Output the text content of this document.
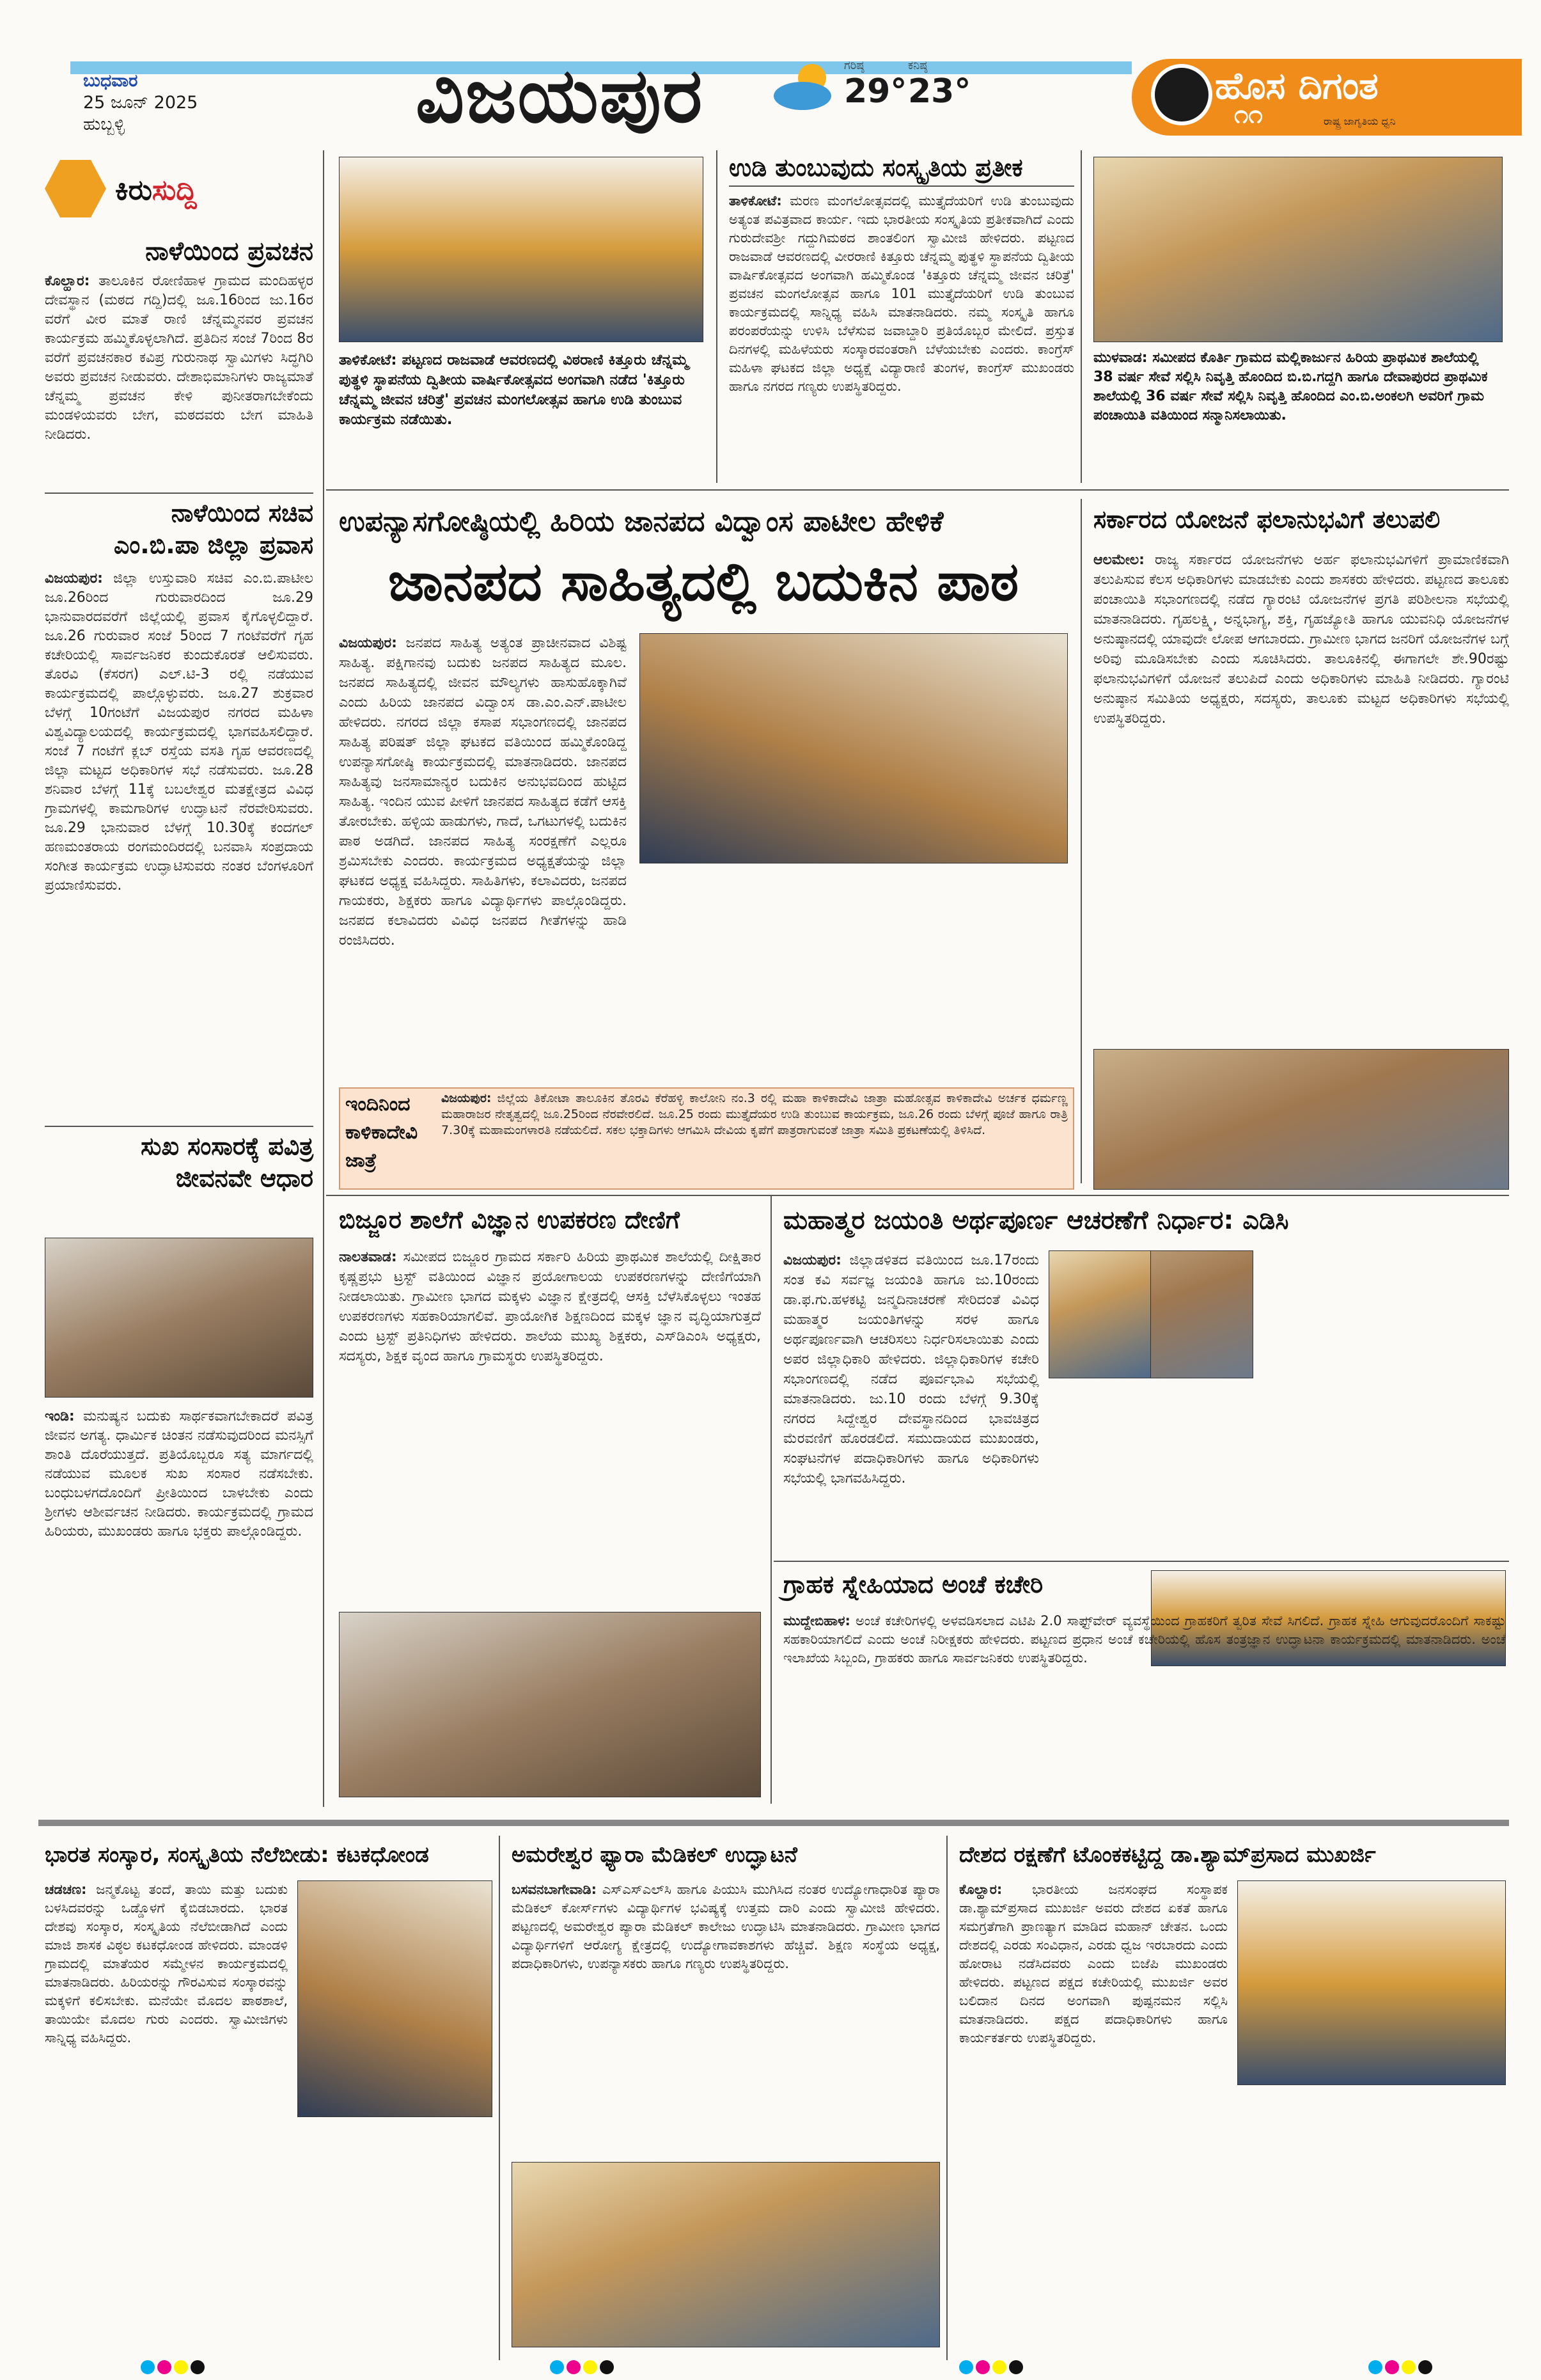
ಬುಧವಾರ
25 ಜೂನ್ 2025
ಹುಬ್ಬಳ್ಳಿ	ವಿಜಯಪುರ	ಗರಿಷ್ಠ
29°
ಕನಿಷ್ಠ
23°	ಹೊಸ ದಿಗಂತ
೧೧	ರಾಷ್ಟ್ರ ಜಾಗೃತಿಯ ಧ್ವನಿ
ಕಿರುಸುದ್ದಿ
ನಾಳೆಯಿಂದ ಪ್ರವಚನ
ಕೊಲ್ಹಾರ: ತಾಲೂಕಿನ ರೋಣಿಹಾಳ ಗ್ರಾಮದ ಮಂದಿಹಳ್ಳರ ದೇವಸ್ಥಾನ (ಮಠದ ಗದ್ದಿ)ದಲ್ಲಿ ಜೂ.16ರಿಂದ ಜು.16ರ ವರೆಗೆ ವೀರ ಮಾತೆ ರಾಣಿ ಚೆನ್ನಮ್ಮನವರ ಪ್ರವಚನ ಕಾರ್ಯಕ್ರಮ ಹಮ್ಮಿಕೊಳ್ಳಲಾಗಿದೆ. ಪ್ರತಿದಿನ ಸಂಜೆ 7ರಿಂದ 8ರ ವರೆಗೆ ಪ್ರವಚನಕಾರ ಕವಿಪ್ರ ಗುರುನಾಥ ಸ್ವಾಮಿಗಳು ಸಿದ್ಧಗಿರಿ ಅವರು ಪ್ರವಚನ ನೀಡುವರು. ದೇಶಾಭಿಮಾನಿಗಳು ರಾಜ್ಯಮಾತೆ ಚೆನ್ನಮ್ಮ ಪ್ರವಚನ ಕೇಳಿ ಪುನೀತರಾಗಬೇಕೆಂದು ಮಂಡಳಿಯವರು ಬೇಗ, ಮಠದವರು ಬೇಗ ಮಾಹಿತಿ ನೀಡಿದರು.
ನಾಳೆಯಿಂದ ಸಚಿವ
ಎಂ.ಬಿ.ಪಾ ಜಿಲ್ಲಾ ಪ್ರವಾಸ
ವಿಜಯಪುರ: ಜಿಲ್ಲಾ ಉಸ್ತುವಾರಿ ಸಚಿವ ಎಂ.ಬಿ.ಪಾಟೀಲ ಜೂ.26ರಿಂದ ಗುರುವಾರದಿಂದ ಜೂ.29 ಭಾನುವಾರದವರೆಗೆ ಜಿಲ್ಲೆಯಲ್ಲಿ ಪ್ರವಾಸ ಕೈಗೊಳ್ಳಲಿದ್ದಾರೆ. ಜೂ.26 ಗುರುವಾರ ಸಂಜೆ 5ರಿಂದ 7 ಗಂಟೆವರೆಗೆ ಗೃಹ ಕಚೇರಿಯಲ್ಲಿ ಸಾರ್ವಜನಿಕರ ಕುಂದುಕೊರತೆ ಆಲಿಸುವರು. ತೊರವಿ (ಕೆಸರಗ) ಎಲ್.ಟಿ-3 ರಲ್ಲಿ ನಡೆಯುವ ಕಾರ್ಯಕ್ರಮದಲ್ಲಿ ಪಾಲ್ಗೊಳ್ಳುವರು. ಜೂ.27 ಶುಕ್ರವಾರ ಬೆಳಗ್ಗೆ 10ಗಂಟೆಗೆ ವಿಜಯಪುರ ನಗರದ ಮಹಿಳಾ ವಿಶ್ವವಿದ್ಯಾಲಯದಲ್ಲಿ ಕಾರ್ಯಕ್ರಮದಲ್ಲಿ ಭಾಗವಹಿಸಲಿದ್ದಾರೆ. ಸಂಜೆ 7 ಗಂಟೆಗೆ ಕ್ಲಬ್ ರಸ್ತೆಯ ವಸತಿ ಗೃಹ ಆವರಣದಲ್ಲಿ ಜಿಲ್ಲಾ ಮಟ್ಟದ ಅಧಿಕಾರಿಗಳ ಸಭೆ ನಡೆಸುವರು. ಜೂ.28 ಶನಿವಾರ ಬೆಳಗ್ಗೆ 11ಕ್ಕೆ ಬಬಲೇಶ್ವರ ಮತಕ್ಷೇತ್ರದ ವಿವಿಧ ಗ್ರಾಮಗಳಲ್ಲಿ ಕಾಮಗಾರಿಗಳ ಉದ್ಘಾಟನೆ ನೆರವೇರಿಸುವರು. ಜೂ.29 ಭಾನುವಾರ ಬೆಳಗ್ಗೆ 10.30ಕ್ಕೆ ಕಂದಗಲ್ ಹಣಮಂತರಾಯ ರಂಗಮಂದಿರದಲ್ಲಿ ಬನವಾಸಿ ಸಂಪ್ರದಾಯ ಸಂಗೀತ ಕಾರ್ಯಕ್ರಮ ಉದ್ಘಾಟಿಸುವರು ನಂತರ ಬೆಂಗಳೂರಿಗೆ ಪ್ರಯಾಣಿಸುವರು.
ಸುಖ ಸಂಸಾರಕ್ಕೆ ಪವಿತ್ರ
ಜೀವನವೇ ಆಧಾರ
ಇಂಡಿ: ಮನುಷ್ಯನ ಬದುಕು ಸಾರ್ಥಕವಾಗಬೇಕಾದರೆ ಪವಿತ್ರ ಜೀವನ ಅಗತ್ಯ. ಧಾರ್ಮಿಕ ಚಿಂತನ ನಡೆಸುವುದರಿಂದ ಮನಸ್ಸಿಗೆ ಶಾಂತಿ ದೊರೆಯುತ್ತದೆ. ಪ್ರತಿಯೊಬ್ಬರೂ ಸತ್ಯ ಮಾರ್ಗದಲ್ಲಿ ನಡೆಯುವ ಮೂಲಕ ಸುಖ ಸಂಸಾರ ನಡೆಸಬೇಕು. ಬಂಧುಬಳಗದೊಂದಿಗೆ ಪ್ರೀತಿಯಿಂದ ಬಾಳಬೇಕು ಎಂದು ಶ್ರೀಗಳು ಆಶೀರ್ವಚನ ನೀಡಿದರು. ಕಾರ್ಯಕ್ರಮದಲ್ಲಿ ಗ್ರಾಮದ ಹಿರಿಯರು, ಮುಖಂಡರು ಹಾಗೂ ಭಕ್ತರು ಪಾಲ್ಗೊಂಡಿದ್ದರು.
ತಾಳಿಕೋಟೆ: ಪಟ್ಟಣದ ರಾಜವಾಡೆ ಆವರಣದಲ್ಲಿ ವಿಠರಾಣಿ ಕಿತ್ತೂರು ಚೆನ್ನಮ್ಮ ಪುತ್ಥಳಿ ಸ್ಥಾಪನೆಯ ದ್ವಿತೀಯ ವಾರ್ಷಿಕೋತ್ಸವದ ಅಂಗವಾಗಿ ನಡೆದ 'ಕಿತ್ತೂರು ಚೆನ್ನಮ್ಮ ಜೀವನ ಚರಿತ್ರೆ' ಪ್ರವಚನ ಮಂಗಲೋತ್ಸವ ಹಾಗೂ ಉಡಿ ತುಂಬುವ ಕಾರ್ಯಕ್ರಮ ನಡೆಯಿತು.
ಉಡಿ ತುಂಬುವುದು ಸಂಸ್ಕೃತಿಯ ಪ್ರತೀಕ
ತಾಳಿಕೋಟೆ: ಮರಣ ಮಂಗಲೋತ್ಸವದಲ್ಲಿ ಮುತ್ತೈದೆಯರಿಗೆ ಉಡಿ ತುಂಬುವುದು ಅತ್ಯಂತ ಪವಿತ್ರವಾದ ಕಾರ್ಯ. ಇದು ಭಾರತೀಯ ಸಂಸ್ಕೃತಿಯ ಪ್ರತೀಕವಾಗಿದೆ ಎಂದು ಗುರುದೇವಶ್ರೀ ಗದ್ದುಗಿಮಠದ ಶಾಂತಲಿಂಗ ಸ್ವಾಮೀಜಿ ಹೇಳಿದರು. ಪಟ್ಟಣದ ರಾಜವಾಡೆ ಆವರಣದಲ್ಲಿ ವೀರರಾಣಿ ಕಿತ್ತೂರು ಚೆನ್ನಮ್ಮ ಪುತ್ಥಳಿ ಸ್ಥಾಪನೆಯ ದ್ವಿತೀಯ ವಾರ್ಷಿಕೋತ್ಸವದ ಅಂಗವಾಗಿ ಹಮ್ಮಿಕೊಂಡ 'ಕಿತ್ತೂರು ಚೆನ್ನಮ್ಮ ಜೀವನ ಚರಿತ್ರೆ' ಪ್ರವಚನ ಮಂಗಲೋತ್ಸವ ಹಾಗೂ 101 ಮುತ್ತೈದೆಯರಿಗೆ ಉಡಿ ತುಂಬುವ ಕಾರ್ಯಕ್ರಮದಲ್ಲಿ ಸಾನ್ನಿಧ್ಯ ವಹಿಸಿ ಮಾತನಾಡಿದರು. ನಮ್ಮ ಸಂಸ್ಕೃತಿ ಹಾಗೂ ಪರಂಪರೆಯನ್ನು ಉಳಿಸಿ ಬೆಳೆಸುವ ಜವಾಬ್ದಾರಿ ಪ್ರತಿಯೊಬ್ಬರ ಮೇಲಿದೆ. ಪ್ರಸ್ತುತ ದಿನಗಳಲ್ಲಿ ಮಹಿಳೆಯರು ಸಂಸ್ಕಾರವಂತರಾಗಿ ಬೆಳೆಯಬೇಕು ಎಂದರು. ಕಾಂಗ್ರೆಸ್ ಮಹಿಳಾ ಘಟಕದ ಜಿಲ್ಲಾ ಅಧ್ಯಕ್ಷೆ ವಿದ್ಯಾರಾಣಿ ತುಂಗಳ, ಕಾಂಗ್ರೆಸ್ ಮುಖಂಡರು ಹಾಗೂ ನಗರದ ಗಣ್ಯರು ಉಪಸ್ಥಿತರಿದ್ದರು.
ಮುಳವಾಡ: ಸಮೀಪದ ಕೊರ್ತಿ ಗ್ರಾಮದ ಮಲ್ಲಿಕಾರ್ಜುನ ಹಿರಿಯ ಪ್ರಾಥಮಿಕ ಶಾಲೆಯಲ್ಲಿ 38 ವರ್ಷ ಸೇವೆ ಸಲ್ಲಿಸಿ ನಿವೃತ್ತಿ ಹೊಂದಿದ ಬಿ.ಬಿ.ಗದ್ದಗಿ ಹಾಗೂ ದೇವಾಪುರದ ಪ್ರಾಥಮಿಕ ಶಾಲೆಯಲ್ಲಿ 36 ವರ್ಷ ಸೇವೆ ಸಲ್ಲಿಸಿ ನಿವೃತ್ತಿ ಹೊಂದಿದ ಎಂ.ಬಿ.ಅಂಕಲಗಿ ಅವರಿಗೆ ಗ್ರಾಮ ಪಂಚಾಯಿತಿ ವತಿಯಿಂದ ಸನ್ಮಾನಿಸಲಾಯಿತು.
ಉಪನ್ಯಾಸಗೋಷ್ಠಿಯಲ್ಲಿ ಹಿರಿಯ ಜಾನಪದ ವಿದ್ವಾಂಸ ಪಾಟೀಲ ಹೇಳಿಕೆ
ಜಾನಪದ ಸಾಹಿತ್ಯದಲ್ಲಿ ಬದುಕಿನ ಪಾಠ
ವಿಜಯಪುರ: ಜನಪದ ಸಾಹಿತ್ಯ ಅತ್ಯಂತ ಪ್ರಾಚೀನವಾದ ವಿಶಿಷ್ಟ ಸಾಹಿತ್ಯ. ಪಕ್ಷಿಗಾನವು ಬದುಕು ಜನಪದ ಸಾಹಿತ್ಯದ ಮೂಲ. ಜನಪದ ಸಾಹಿತ್ಯದಲ್ಲಿ ಜೀವನ ಮೌಲ್ಯಗಳು ಹಾಸುಹೊಕ್ಕಾಗಿವೆ ಎಂದು ಹಿರಿಯ ಜಾನಪದ ವಿದ್ವಾಂಸ ಡಾ.ಎಂ.ಎನ್.ಪಾಟೀಲ ಹೇಳಿದರು. ನಗರದ ಜಿಲ್ಲಾ ಕಸಾಪ ಸಭಾಂಗಣದಲ್ಲಿ ಜಾನಪದ ಸಾಹಿತ್ಯ ಪರಿಷತ್ ಜಿಲ್ಲಾ ಘಟಕದ ವತಿಯಿಂದ ಹಮ್ಮಿಕೊಂಡಿದ್ದ ಉಪನ್ಯಾಸಗೋಷ್ಠಿ ಕಾರ್ಯಕ್ರಮದಲ್ಲಿ ಮಾತನಾಡಿದರು. ಜಾನಪದ ಸಾಹಿತ್ಯವು ಜನಸಾಮಾನ್ಯರ ಬದುಕಿನ ಅನುಭವದಿಂದ ಹುಟ್ಟಿದ ಸಾಹಿತ್ಯ. ಇಂದಿನ ಯುವ ಪೀಳಿಗೆ ಜಾನಪದ ಸಾಹಿತ್ಯದ ಕಡೆಗೆ ಆಸಕ್ತಿ ತೋರಬೇಕು. ಹಳ್ಳಿಯ ಹಾಡುಗಳು, ಗಾದೆ, ಒಗಟುಗಳಲ್ಲಿ ಬದುಕಿನ ಪಾಠ ಅಡಗಿದೆ. ಜಾನಪದ ಸಾಹಿತ್ಯ ಸಂರಕ್ಷಣೆಗೆ ಎಲ್ಲರೂ ಶ್ರಮಿಸಬೇಕು ಎಂದರು. ಕಾರ್ಯಕ್ರಮದ ಅಧ್ಯಕ್ಷತೆಯನ್ನು ಜಿಲ್ಲಾ ಘಟಕದ ಅಧ್ಯಕ್ಷ ವಹಿಸಿದ್ದರು. ಸಾಹಿತಿಗಳು, ಕಲಾವಿದರು, ಜನಪದ ಗಾಯಕರು, ಶಿಕ್ಷಕರು ಹಾಗೂ ವಿದ್ಯಾರ್ಥಿಗಳು ಪಾಲ್ಗೊಂಡಿದ್ದರು. ಜನಪದ ಕಲಾವಿದರು ವಿವಿಧ ಜನಪದ ಗೀತೆಗಳನ್ನು ಹಾಡಿ ರಂಜಿಸಿದರು.
ಇಂದಿನಿಂದ
ಕಾಳಿಕಾದೇವಿ
ಜಾತ್ರೆ
ವಿಜಯಪುರ: ಜಿಲ್ಲೆಯ ತಿಕೋಟಾ ತಾಲೂಕಿನ ತೊರವಿ ಕೆರೆಹಳ್ಳಿ ಕಾಲೋನಿ ನಂ.3 ರಲ್ಲಿ ಮಹಾ ಕಾಳಿಕಾದೇವಿ ಜಾತ್ರಾ ಮಹೋತ್ಸವ ಕಾಳಿಕಾದೇವಿ ಅರ್ಚಕ ಧರ್ಮಣ್ಣ ಮಹಾರಾಜರ ನೇತೃತ್ವದಲ್ಲಿ ಜೂ.25ರಿಂದ ನೆರವೇರಲಿದೆ. ಜೂ.25 ರಂದು ಮುತ್ತೈದೆಯರ ಉಡಿ ತುಂಬುವ ಕಾರ್ಯಕ್ರಮ, ಜೂ.26 ರಂದು ಬೆಳಗ್ಗೆ ಪೂಜೆ ಹಾಗೂ ರಾತ್ರಿ 7.30ಕ್ಕೆ ಮಹಾಮಂಗಳಾರತಿ ನಡೆಯಲಿದೆ. ಸಕಲ ಭಕ್ತಾದಿಗಳು ಆಗಮಿಸಿ ದೇವಿಯ ಕೃಪೆಗೆ ಪಾತ್ರರಾಗುವಂತೆ ಜಾತ್ರಾ ಸಮಿತಿ ಪ್ರಕಟಣೆಯಲ್ಲಿ ತಿಳಿಸಿದೆ.
ಸರ್ಕಾರದ ಯೋಜನೆ ಫಲಾನುಭವಿಗೆ ತಲುಪಲಿ
ಆಲಮೇಲ: ರಾಜ್ಯ ಸರ್ಕಾರದ ಯೋಜನೆಗಳು ಅರ್ಹ ಫಲಾನುಭವಿಗಳಿಗೆ ಪ್ರಾಮಾಣಿಕವಾಗಿ ತಲುಪಿಸುವ ಕೆಲಸ ಅಧಿಕಾರಿಗಳು ಮಾಡಬೇಕು ಎಂದು ಶಾಸಕರು ಹೇಳಿದರು. ಪಟ್ಟಣದ ತಾಲೂಕು ಪಂಚಾಯಿತಿ ಸಭಾಂಗಣದಲ್ಲಿ ನಡೆದ ಗ್ಯಾರಂಟಿ ಯೋಜನೆಗಳ ಪ್ರಗತಿ ಪರಿಶೀಲನಾ ಸಭೆಯಲ್ಲಿ ಮಾತನಾಡಿದರು. ಗೃಹಲಕ್ಷ್ಮಿ, ಅನ್ನಭಾಗ್ಯ, ಶಕ್ತಿ, ಗೃಹಜ್ಯೋತಿ ಹಾಗೂ ಯುವನಿಧಿ ಯೋಜನೆಗಳ ಅನುಷ್ಠಾನದಲ್ಲಿ ಯಾವುದೇ ಲೋಪ ಆಗಬಾರದು. ಗ್ರಾಮೀಣ ಭಾಗದ ಜನರಿಗೆ ಯೋಜನೆಗಳ ಬಗ್ಗೆ ಅರಿವು ಮೂಡಿಸಬೇಕು ಎಂದು ಸೂಚಿಸಿದರು. ತಾಲೂಕಿನಲ್ಲಿ ಈಗಾಗಲೇ ಶೇ.90ರಷ್ಟು ಫಲಾನುಭವಿಗಳಿಗೆ ಯೋಜನೆ ತಲುಪಿದೆ ಎಂದು ಅಧಿಕಾರಿಗಳು ಮಾಹಿತಿ ನೀಡಿದರು. ಗ್ಯಾರಂಟಿ ಅನುಷ್ಠಾನ ಸಮಿತಿಯ ಅಧ್ಯಕ್ಷರು, ಸದಸ್ಯರು, ತಾಲೂಕು ಮಟ್ಟದ ಅಧಿಕಾರಿಗಳು ಸಭೆಯಲ್ಲಿ ಉಪಸ್ಥಿತರಿದ್ದರು.
ಬಿಜ್ಜೂರ ಶಾಲೆಗೆ ವಿಜ್ಞಾನ ಉಪಕರಣ ದೇಣಿಗೆ
ನಾಲತವಾಡ: ಸಮೀಪದ ಬಿಜ್ಜೂರ ಗ್ರಾಮದ ಸರ್ಕಾರಿ ಹಿರಿಯ ಪ್ರಾಥಮಿಕ ಶಾಲೆಯಲ್ಲಿ ದೀಕ್ಷಿತಾರ ಕೃಷ್ಣಪ್ರಭು ಟ್ರಸ್ಟ್ ವತಿಯಿಂದ ವಿಜ್ಞಾನ ಪ್ರಯೋಗಾಲಯ ಉಪಕರಣಗಳನ್ನು ದೇಣಿಗೆಯಾಗಿ ನೀಡಲಾಯಿತು. ಗ್ರಾಮೀಣ ಭಾಗದ ಮಕ್ಕಳು ವಿಜ್ಞಾನ ಕ್ಷೇತ್ರದಲ್ಲಿ ಆಸಕ್ತಿ ಬೆಳೆಸಿಕೊಳ್ಳಲು ಇಂತಹ ಉಪಕರಣಗಳು ಸಹಕಾರಿಯಾಗಲಿವೆ. ಪ್ರಾಯೋಗಿಕ ಶಿಕ್ಷಣದಿಂದ ಮಕ್ಕಳ ಜ್ಞಾನ ವೃದ್ಧಿಯಾಗುತ್ತದೆ ಎಂದು ಟ್ರಸ್ಟ್ ಪ್ರತಿನಿಧಿಗಳು ಹೇಳಿದರು. ಶಾಲೆಯ ಮುಖ್ಯ ಶಿಕ್ಷಕರು, ಎಸ್‌ಡಿಎಂಸಿ ಅಧ್ಯಕ್ಷರು, ಸದಸ್ಯರು, ಶಿಕ್ಷಕ ವೃಂದ ಹಾಗೂ ಗ್ರಾಮಸ್ಥರು ಉಪಸ್ಥಿತರಿದ್ದರು.
ಮಹಾತ್ಮರ ಜಯಂತಿ ಅರ್ಥಪೂರ್ಣ ಆಚರಣೆಗೆ ನಿರ್ಧಾರ: ಎಡಿಸಿ
ವಿಜಯಪುರ: ಜಿಲ್ಲಾಡಳಿತದ ವತಿಯಿಂದ ಜೂ.17ರಂದು ಸಂತ ಕವಿ ಸರ್ವಜ್ಞ ಜಯಂತಿ ಹಾಗೂ ಜು.10ರಂದು ಡಾ.ಫ.ಗು.ಹಳಕಟ್ಟಿ ಜನ್ಮದಿನಾಚರಣೆ ಸೇರಿದಂತೆ ವಿವಿಧ ಮಹಾತ್ಮರ ಜಯಂತಿಗಳನ್ನು ಸರಳ ಹಾಗೂ ಅರ್ಥಪೂರ್ಣವಾಗಿ ಆಚರಿಸಲು ನಿರ್ಧರಿಸಲಾಯಿತು ಎಂದು ಅಪರ ಜಿಲ್ಲಾಧಿಕಾರಿ ಹೇಳಿದರು. ಜಿಲ್ಲಾಧಿಕಾರಿಗಳ ಕಚೇರಿ ಸಭಾಂಗಣದಲ್ಲಿ ನಡೆದ ಪೂರ್ವಭಾವಿ ಸಭೆಯಲ್ಲಿ ಮಾತನಾಡಿದರು. ಜು.10 ರಂದು ಬೆಳಗ್ಗೆ 9.30ಕ್ಕೆ ನಗರದ ಸಿದ್ದೇಶ್ವರ ದೇವಸ್ಥಾನದಿಂದ ಭಾವಚಿತ್ರದ ಮೆರವಣಿಗೆ ಹೊರಡಲಿದೆ. ಸಮುದಾಯದ ಮುಖಂಡರು, ಸಂಘಟನೆಗಳ ಪದಾಧಿಕಾರಿಗಳು ಹಾಗೂ ಅಧಿಕಾರಿಗಳು ಸಭೆಯಲ್ಲಿ ಭಾಗವಹಿಸಿದ್ದರು.
ಗ್ರಾಹಕ ಸ್ನೇಹಿಯಾದ ಅಂಚೆ ಕಚೇರಿ
ಮುದ್ದೇಬಿಹಾಳ: ಅಂಚೆ ಕಚೇರಿಗಳಲ್ಲಿ ಅಳವಡಿಸಲಾದ ಎಟಿಪಿ 2.0 ಸಾಫ್ಟ್‌ವೇರ್ ವ್ಯವಸ್ಥೆಯಿಂದ ಗ್ರಾಹಕರಿಗೆ ತ್ವರಿತ ಸೇವೆ ಸಿಗಲಿದೆ. ಗ್ರಾಹಕ ಸ್ನೇಹಿ ಆಗುವುದರೊಂದಿಗೆ ಸಾಕಷ್ಟು ಸಹಕಾರಿಯಾಗಲಿದೆ ಎಂದು ಅಂಚೆ ನಿರೀಕ್ಷಕರು ಹೇಳಿದರು. ಪಟ್ಟಣದ ಪ್ರಧಾನ ಅಂಚೆ ಕಚೇರಿಯಲ್ಲಿ ಹೊಸ ತಂತ್ರಜ್ಞಾನ ಉದ್ಘಾಟನಾ ಕಾರ್ಯಕ್ರಮದಲ್ಲಿ ಮಾತನಾಡಿದರು. ಅಂಚೆ ಇಲಾಖೆಯ ಸಿಬ್ಬಂದಿ, ಗ್ರಾಹಕರು ಹಾಗೂ ಸಾರ್ವಜನಿಕರು ಉಪಸ್ಥಿತರಿದ್ದರು.
ಭಾರತ ಸಂಸ್ಕಾರ, ಸಂಸ್ಕೃತಿಯ ನೆಲೆಬೀಡು: ಕಟಕಧೋಂಡ
ಚಡಚಣ: ಜನ್ಮಕೊಟ್ಟ ತಂದೆ, ತಾಯಿ ಮತ್ತು ಬದುಕು ಬಳಸಿದವರನ್ನು ಒಡ್ಡೊಳಗೆ ಕೈಬಿಡಬಾರದು. ಭಾರತ ದೇಶವು ಸಂಸ್ಕಾರ, ಸಂಸ್ಕೃತಿಯ ನೆಲೆಬೀಡಾಗಿದೆ ಎಂದು ಮಾಜಿ ಶಾಸಕ ವಿಠ್ಠಲ ಕಟಕಧೋಂಡ ಹೇಳಿದರು. ಮಾಂಡಳಿ ಗ್ರಾಮದಲ್ಲಿ ಮಾತೆಯರ ಸಮ್ಮೇಳನ ಕಾರ್ಯಕ್ರಮದಲ್ಲಿ ಮಾತನಾಡಿದರು. ಹಿರಿಯರನ್ನು ಗೌರವಿಸುವ ಸಂಸ್ಕಾರವನ್ನು ಮಕ್ಕಳಿಗೆ ಕಲಿಸಬೇಕು. ಮನೆಯೇ ಮೊದಲ ಪಾಠಶಾಲೆ, ತಾಯಿಯೇ ಮೊದಲ ಗುರು ಎಂದರು. ಸ್ವಾಮೀಜಿಗಳು ಸಾನ್ನಿಧ್ಯ ವಹಿಸಿದ್ದರು.
ಅಮರೇಶ್ವರ ಫ್ಯಾರಾ ಮೆಡಿಕಲ್ ಉದ್ಘಾಟನೆ
ಬಸವನಬಾಗೇವಾಡಿ: ಎಸ್‌ಎಸ್‌ಎಲ್‌ಸಿ ಹಾಗೂ ಪಿಯುಸಿ ಮುಗಿಸಿದ ನಂತರ ಉದ್ಯೋಗಾಧಾರಿತ ಪ್ಯಾರಾ ಮೆಡಿಕಲ್ ಕೋರ್ಸ್‌ಗಳು ವಿದ್ಯಾರ್ಥಿಗಳ ಭವಿಷ್ಯಕ್ಕೆ ಉತ್ತಮ ದಾರಿ ಎಂದು ಸ್ವಾಮೀಜಿ ಹೇಳಿದರು. ಪಟ್ಟಣದಲ್ಲಿ ಅಮರೇಶ್ವರ ಪ್ಯಾರಾ ಮೆಡಿಕಲ್ ಕಾಲೇಜು ಉದ್ಘಾಟಿಸಿ ಮಾತನಾಡಿದರು. ಗ್ರಾಮೀಣ ಭಾಗದ ವಿದ್ಯಾರ್ಥಿಗಳಿಗೆ ಆರೋಗ್ಯ ಕ್ಷೇತ್ರದಲ್ಲಿ ಉದ್ಯೋಗಾವಕಾಶಗಳು ಹೆಚ್ಚಿವೆ. ಶಿಕ್ಷಣ ಸಂಸ್ಥೆಯ ಅಧ್ಯಕ್ಷ, ಪದಾಧಿಕಾರಿಗಳು, ಉಪನ್ಯಾಸಕರು ಹಾಗೂ ಗಣ್ಯರು ಉಪಸ್ಥಿತರಿದ್ದರು.
ದೇಶದ ರಕ್ಷಣೆಗೆ ಟೊಂಕಕಟ್ಟಿದ್ದ ಡಾ.ಶ್ಯಾಮ್‌ಪ್ರಸಾದ ಮುಖರ್ಜಿ
ಕೊಲ್ಹಾರ: ಭಾರತೀಯ ಜನಸಂಘದ ಸಂಸ್ಥಾಪಕ ಡಾ.ಶ್ಯಾಮ್‌ಪ್ರಸಾದ ಮುಖರ್ಜಿ ಅವರು ದೇಶದ ಏಕತೆ ಹಾಗೂ ಸಮಗ್ರತೆಗಾಗಿ ಪ್ರಾಣತ್ಯಾಗ ಮಾಡಿದ ಮಹಾನ್ ಚೇತನ. ಒಂದು ದೇಶದಲ್ಲಿ ಎರಡು ಸಂವಿಧಾನ, ಎರಡು ಧ್ವಜ ಇರಬಾರದು ಎಂದು ಹೋರಾಟ ನಡೆಸಿದವರು ಎಂದು ಬಿಜೆಪಿ ಮುಖಂಡರು ಹೇಳಿದರು. ಪಟ್ಟಣದ ಪಕ್ಷದ ಕಚೇರಿಯಲ್ಲಿ ಮುಖರ್ಜಿ ಅವರ ಬಲಿದಾನ ದಿನದ ಅಂಗವಾಗಿ ಪುಷ್ಪನಮನ ಸಲ್ಲಿಸಿ ಮಾತನಾಡಿದರು. ಪಕ್ಷದ ಪದಾಧಿಕಾರಿಗಳು ಹಾಗೂ ಕಾರ್ಯಕರ್ತರು ಉಪಸ್ಥಿತರಿದ್ದರು.
